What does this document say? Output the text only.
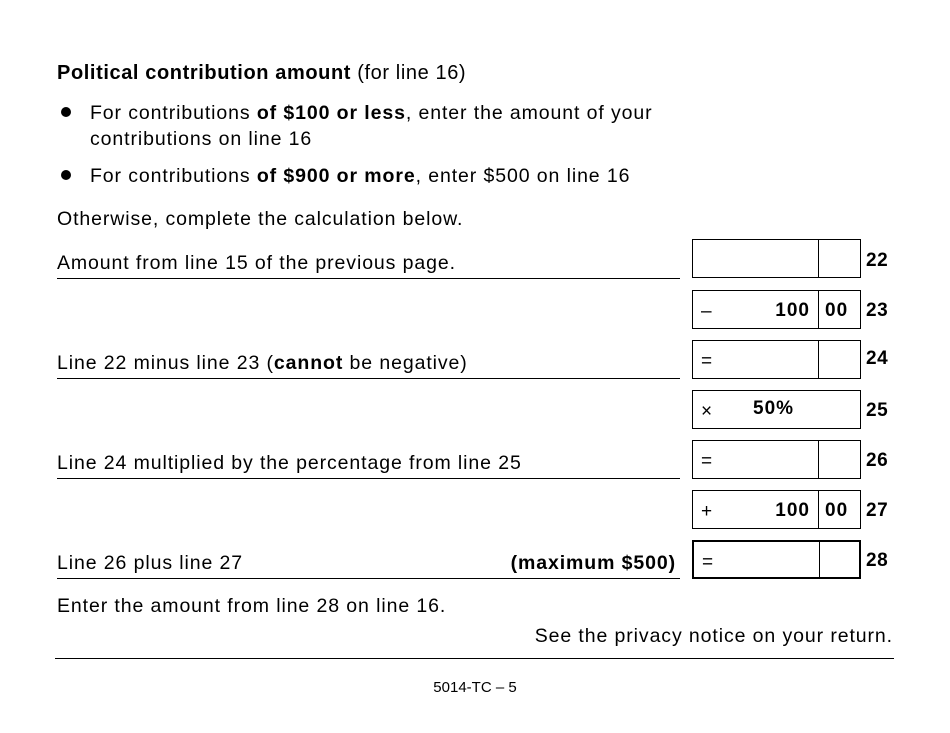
Political contribution amount (for line 16)
For contributions of $100 or less, enter the amount of your
contributions on line 16
For contributions of $900 or more, enter $500 on line 16
Otherwise, complete the calculation below.
Amount from line 15 of the previous page.	22
–	100 00 23
Line 22 minus line 23 (cannot be negative)	=	24
× 50%	25
Line 24 multiplied by the percentage from line 25	=	26
+	100 00 27
Line 26 plus line 27	(maximum $500) =	28
Enter the amount from line 28 on line 16.
See the privacy notice on your return.
5014-TC – 5
